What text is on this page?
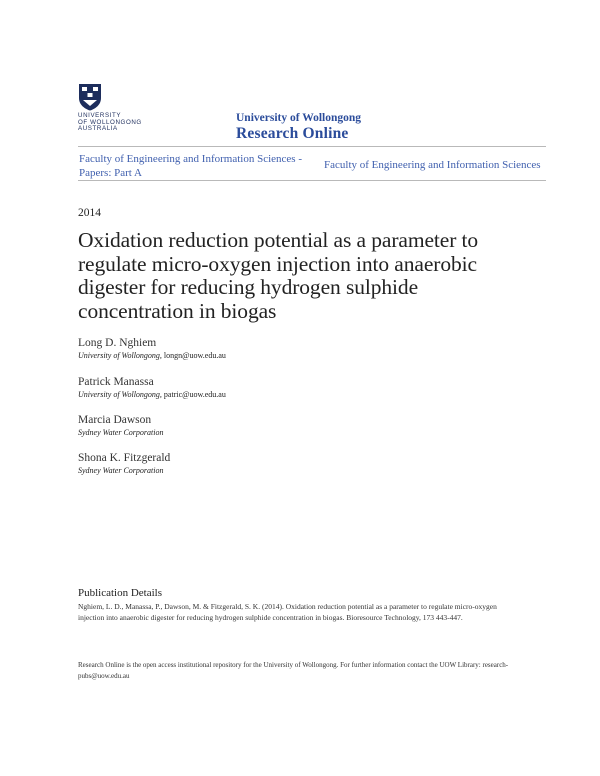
UNIVERSITY
OF WOLLONGONG
AUSTRALIA
University of Wollongong
Research Online
Faculty of Engineering and Information Sciences - Papers: Part A
Faculty of Engineering and Information Sciences
2014
Oxidation reduction potential as a parameter to regulate micro-oxygen injection into anaerobic digester for reducing hydrogen sulphide concentration in biogas
Long D. Nghiem
University of Wollongong, longn@uow.edu.au
Patrick Manassa
University of Wollongong, patric@uow.edu.au
Marcia Dawson
Sydney Water Corporation
Shona K. Fitzgerald
Sydney Water Corporation
Publication Details
Nghiem, L. D., Manassa, P., Dawson, M. & Fitzgerald, S. K. (2014). Oxidation reduction potential as a parameter to regulate micro-oxygen injection into anaerobic digester for reducing hydrogen sulphide concentration in biogas. Bioresource Technology, 173 443-447.
Research Online is the open access institutional repository for the University of Wollongong. For further information contact the UOW Library: research-pubs@uow.edu.au
